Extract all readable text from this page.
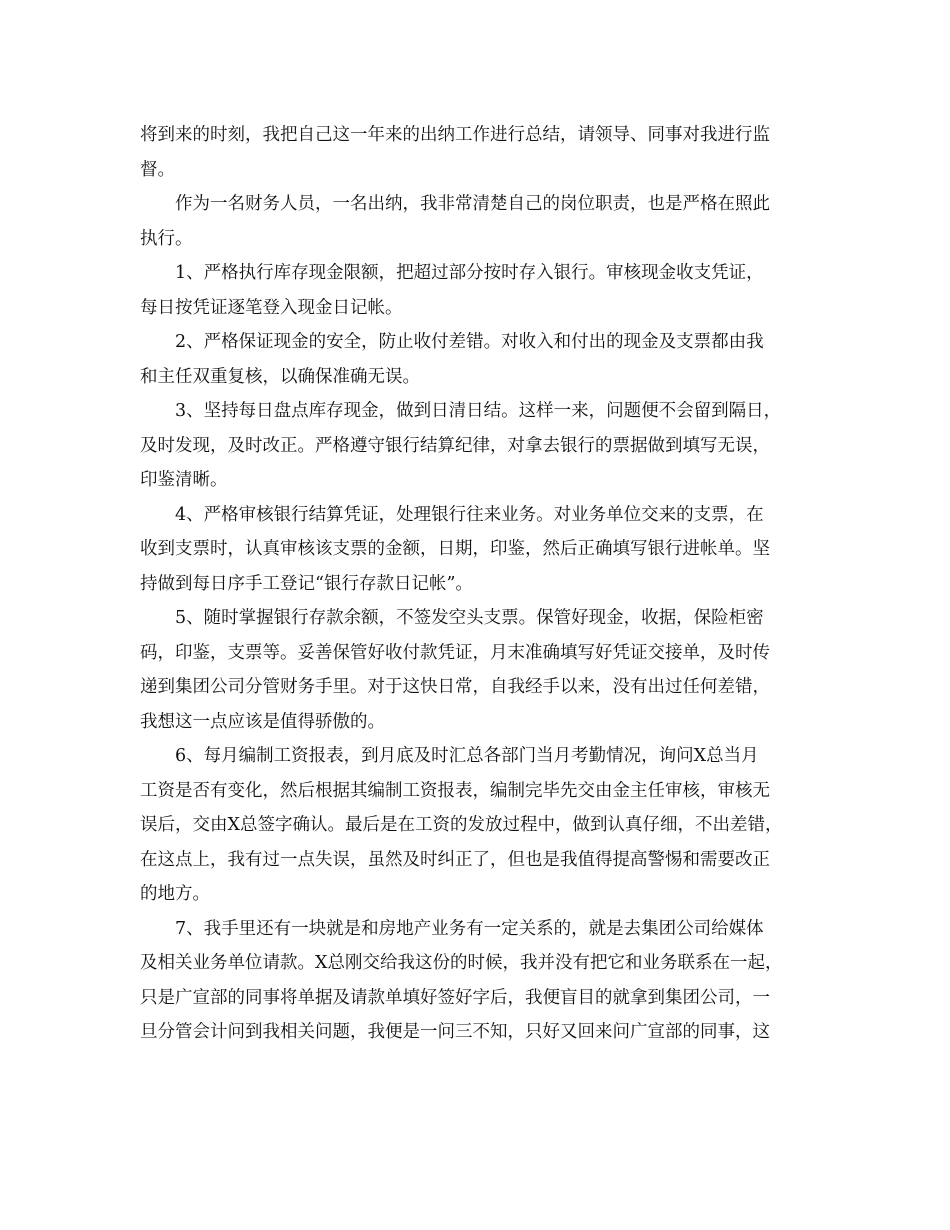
将到来的时刻，我把自己这一年来的出纳工作进行总结，请领导、同事对我进行监
督。
作为一名财务人员，一名出纳，我非常清楚自己的岗位职责，也是严格在照此
执行。
1、严格执行库存现金限额，把超过部分按时存入银行。审核现金收支凭证，
每日按凭证逐笔登入现金日记帐。
2、严格保证现金的安全，防止收付差错。对收入和付出的现金及支票都由我
和主任双重复核，以确保准确无误。
3、坚持每日盘点库存现金，做到日清日结。这样一来，问题便不会留到隔日，
及时发现，及时改正。严格遵守银行结算纪律，对拿去银行的票据做到填写无误，
印鉴清晰。
4、严格审核银行结算凭证，处理银行往来业务。对业务单位交来的支票，在
收到支票时，认真审核该支票的金额，日期，印鉴，然后正确填写银行进帐单。坚
持做到每日序手工登记“银行存款日记帐”。
5、随时掌握银行存款余额，不签发空头支票。保管好现金，收据，保险柜密
码，印鉴，支票等。妥善保管好收付款凭证，月末准确填写好凭证交接单，及时传
递到集团公司分管财务手里。对于这快日常，自我经手以来，没有出过任何差错，
我想这一点应该是值得骄傲的。
6、每月编制工资报表，到月底及时汇总各部门当月考勤情况，询问X总当月
工资是否有变化，然后根据其编制工资报表，编制完毕先交由金主任审核，审核无
误后，交由X总签字确认。最后是在工资的发放过程中，做到认真仔细，不出差错，
在这点上，我有过一点失误，虽然及时纠正了，但也是我值得提高警惕和需要改正
的地方。
7、我手里还有一块就是和房地产业务有一定关系的，就是去集团公司给媒体
及相关业务单位请款。X总刚交给我这份的时候，我并没有把它和业务联系在一起，
只是广宣部的同事将单据及请款单填好签好字后，我便盲目的就拿到集团公司，一
旦分管会计问到我相关问题，我便是一问三不知，只好又回来问广宣部的同事，这
